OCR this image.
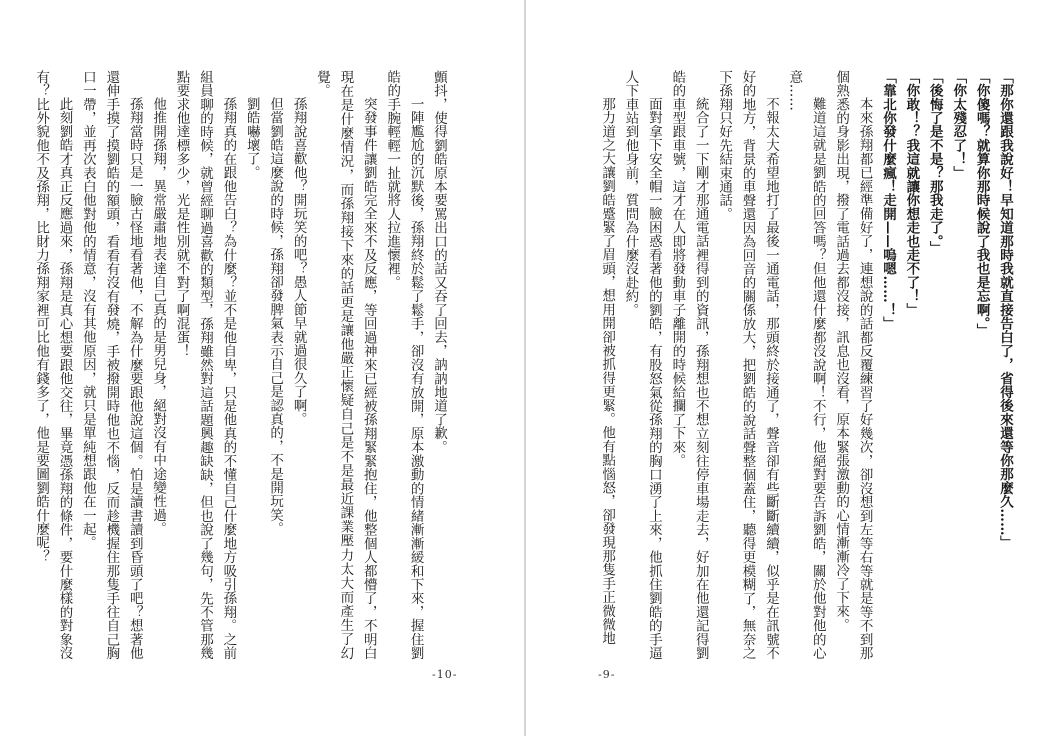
顫抖，使得劉皓原本要罵出口的話又吞了回去，訥訥地道了歉。

一陣尷尬的沉默後，孫翔終於鬆了鬆手，卻沒有放開，原本激動的情緒漸漸緩和下來，握住劉皓的手腕輕輕一扯就將人拉進懷裡。

突發事件讓劉皓完全來不及反應，等回過神來已經被孫翔緊緊抱住，他整個人都懵了，不明白現在是什麼情況，而孫翔接下來的話更是讓他嚴正懷疑自己是不是最近課業壓力太大而產生了幻覺。

孫翔說喜歡他？開玩笑的吧？愚人節早就過很久了啊。

但當劉皓這麼說的時候，孫翔卻發脾氣表示自己是認真的，不是開玩笑。

劉皓嚇壞了。

孫翔真的在跟他告白？為什麼？並不是他自卑，只是他真的不懂自己什麼地方吸引孫翔。之前組員聊的時候，就曾經聊過喜歡的類型，孫翔雖然對這話題興趣缺缺，但也說了幾句，先不管那幾點要求他達標多少，光是性別就不對了啊混蛋！

他推開孫翔，異常嚴肅地表達自己真的是男兒身，絕對沒有中途變性過。

孫翔當時只是一臉古怪地看著他，不解為什麼要跟他說這個。怕是讀書讀到昏頭了吧？想著他還伸手摸了摸劉皓的額頭，看看有沒有發燒，手被撥開時他也不惱，反而趁機握住那隻手往自己胸口一帶，並再次表白他對他的情意，沒有其他原因，就只是單純想跟他在一起。

此刻劉皓才真正反應過來，孫翔是真心想要跟他交往，畢竟憑孫翔的條件，要什麼樣的對象沒有？比外貌他不及孫翔，比財力孫翔家裡可比他有錢多了，他是要圖劉皓什麼呢？

-10-

「那你還跟我說好！早知道那時我就直接告白了，省得後來還等你那麼久……」

「你傻嗎？就算你那時候說了我也是忘啊。」

「你太殘忍了！」

「後悔了是不是？那我走了。」

「你敢！？我這就讓你想走也走不了！」

「靠北你發什麼瘋！走開——嗚嗯……！」

本來孫翔都已經準備好了，連想說的話都反覆練習了好幾次，卻沒想到左等右等就是等不到那個熟悉的身影出現，撥了電話過去都沒接，訊息也沒看，原本緊張激動的心情漸漸冷了下來。

難道這就是劉皓的回答嗎？但他還什麼都沒說啊！不行，他絕對要告訴劉皓，關於他對他的心意……

不報太大希望地打了最後一通電話，那頭終於接通了，聲音卻有些斷斷續續，似乎是在訊號不好的地方，背景的車聲還因為回音的關係放大，把劉皓的說話聲整個蓋住，聽得更模糊了，無奈之下孫翔只好先結束通話。

統合了一下剛才那通電話裡得到的資訊，孫翔想也不想立刻往停車場走去，好加在他還記得劉皓的車型跟車號，這才在人即將發動車子離開的時候給攔了下來。

面對拿下安全帽一臉困惑看著他的劉皓，有股怒氣從孫翔的胸口湧了上來，他抓住劉皓的手逼人下車站到他身前，質問為什麼沒赴約。

那力道之大讓劉皓蹙緊了眉頭，想用開卻被抓得更緊。他有點惱怒，卻發現那隻手正微微地

-9-
